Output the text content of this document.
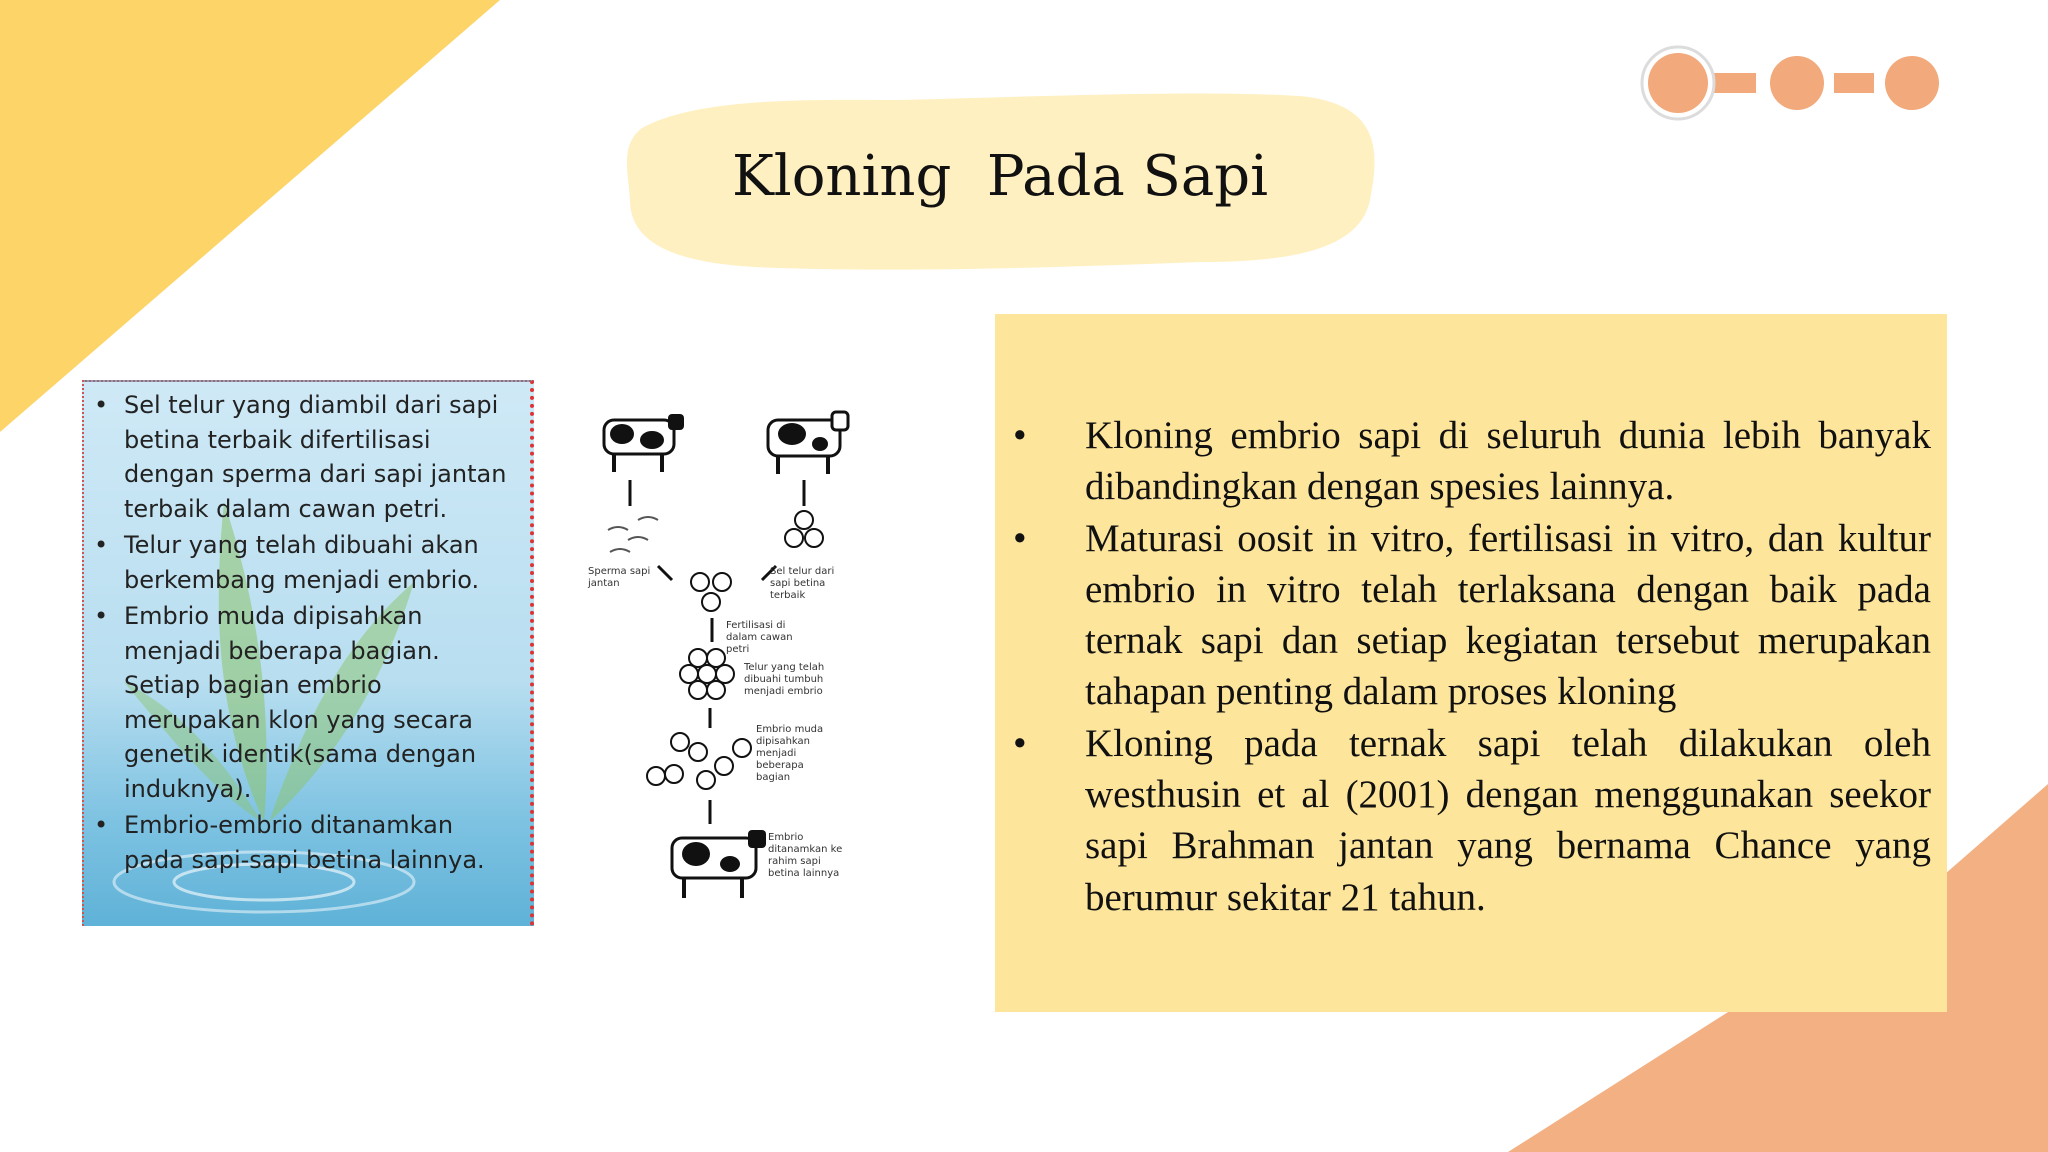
Kloning  Pada Sapi
•	Kloning embrio sapi di seluruh dunia lebih banyak dibandingkan dengan spesies lainnya.
•	Maturasi oosit in vitro, fertilisasi in vitro, dan kultur embrio in vitro telah terlaksana dengan baik pada ternak sapi dan setiap kegiatan tersebut merupakan tahapan penting dalam proses kloning
•	Kloning pada ternak sapi telah dilakukan oleh westhusin et al (2001) dengan menggunakan seekor sapi Brahman jantan yang bernama Chance yang berumur sekitar 21 tahun.
• Sel telur yang diambil dari sapi betina terbaik difertilisasi dengan sperma dari sapi jantan terbaik dalam cawan petri.
• Telur yang telah dibuahi akan berkembang menjadi embrio.
• Embrio muda dipisahkan menjadi beberapa bagian. Setiap bagian embrio merupakan klon yang secara genetik identik(sama dengan induknya).
• Embrio-embrio ditanamkan pada sapi-sapi betina lainnya.
Sperma sapi jantan
Sel telur dari sapi betina terbaik
Fertilisasi di dalam cawan petri
Telur yang telah dibuahi tumbuh menjadi embrio
Embrio muda dipisahkan menjadi beberapa bagian
Embrio ditanamkan ke rahim sapi betina lainnya
